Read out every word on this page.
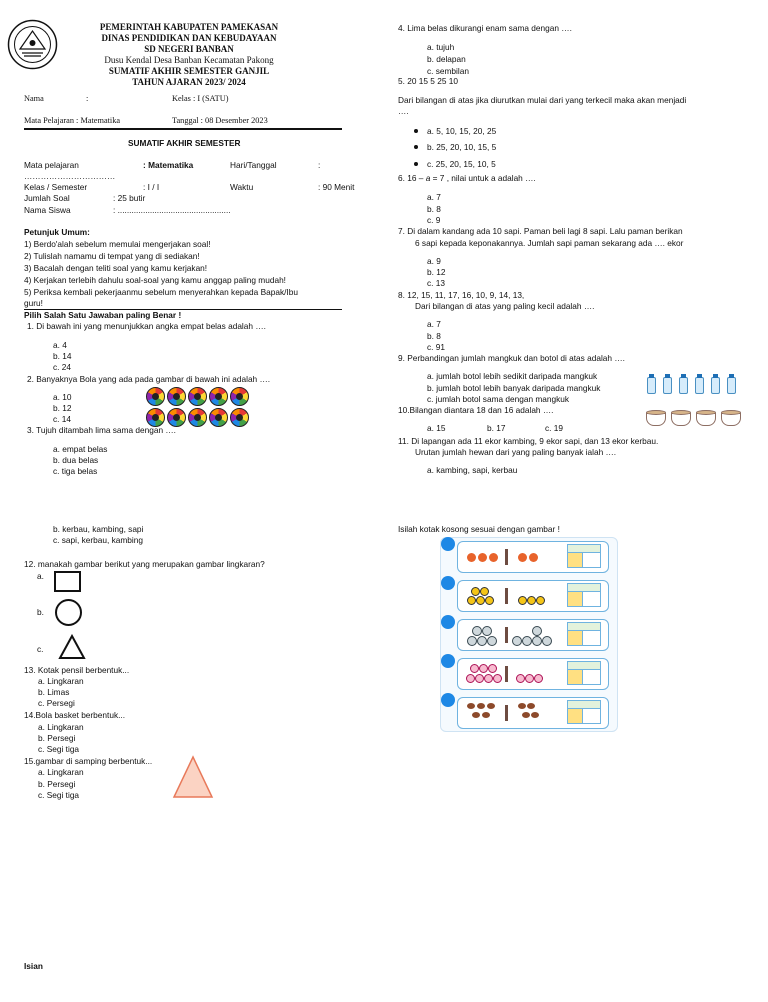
PEMERINTAH KABUPATEN PAMEKASAN
DINAS PENDIDIKAN DAN KEBUDAYAAN
SD NEGERI BANBAN
Dusu Kendal Desa Banban Kecamatan Pakong
SUMATIF AKHIR SEMESTER GANJIL
TAHUN AJARAN 2023/ 2024
Nama	:	Kelas : I (SATU)
Mata Pelajaran : Matematika	Tanggal : 08 Desember 2023
SUMATIF AKHIR SEMESTER
Mata pelajaran	: Matematika	Hari/Tanggal	:
……………………………
Kelas / Semester	: I / I	Waktu	: 90 Menit
Jumlah Soal	: 25 butir
Nama Siswa	: .................................................
Petunjuk Umum:
1) Berdo'alah sebelum memulai mengerjakan soal!
2) Tulislah namamu di tempat yang di sediakan!
3) Bacalah dengan teliti soal yang kamu kerjakan!
4) Kerjakan terlebih dahulu soal-soal yang kamu anggap paling mudah!
5) Periksa kembali pekerjaanmu sebelum menyerahkan kepada Bapak/Ibu
guru!
Pilih Salah Satu Jawaban paling Benar !
1. Di bawah ini yang menunjukkan angka empat belas adalah ….
a. 4
b. 14
c. 24
2. Banyaknya Bola yang ada pada gambar di bawah ini adalah ….
a. 10
b. 12
c. 14
3. Tujuh ditambah lima sama dengan ….
a. empat belas
b. dua belas
c. tiga belas
4. Lima belas dikurangi enam sama dengan ….
a. tujuh
b. delapan
c. sembilan
5. 20 15 5 25 10
Dari bilangan di atas jika diurutkan mulai dari yang terkecil maka akan menjadi
….
a. 5, 10, 15, 20, 25
b. 25, 20, 10, 15, 5
c. 25, 20, 15, 10, 5
6. 16 – a = 7 , nilai untuk a adalah ….
a. 7
b. 8
c. 9
7. Di dalam kandang ada 10 sapi. Paman beli lagi 8 sapi. Lalu paman berikan
6 sapi kepada keponakannya. Jumlah sapi paman sekarang ada …. ekor
a. 9
b. 12
c. 13
8. 12, 15, 11, 17, 16, 10, 9, 14, 13,
Dari bilangan di atas yang paling kecil adalah ….
a. 7
b. 8
c. 91
9. Perbandingan jumlah mangkuk dan botol di atas adalah ….
a. jumlah botol lebih sedikit daripada mangkuk
b. jumlah botol lebih banyak daripada mangkuk
c. jumlah botol sama dengan mangkuk
10.Bilangan diantara 18 dan 16 adalah ….
a. 15	b. 17	c. 19
11. Di lapangan ada 11 ekor kambing, 9 ekor sapi, dan 13 ekor kerbau.
Urutan jumlah hewan dari yang paling banyak ialah ….
a. kambing, sapi, kerbau
b. kerbau, kambing, sapi
c. sapi, kerbau, kambing
12. manakah gambar berikut yang merupakan gambar lingkaran?
a.
b.
c.
13. Kotak pensil berbentuk...
a. Lingkaran
b. Limas
c. Persegi
14.Bola basket berbentuk...
a. Lingkaran
b. Persegi
c. Segi tiga
15.gambar di samping berbentuk...
a. Lingkaran
b. Persegi
c. Segi tiga
Isilah kotak kosong sesuai dengan gambar !
Isian
